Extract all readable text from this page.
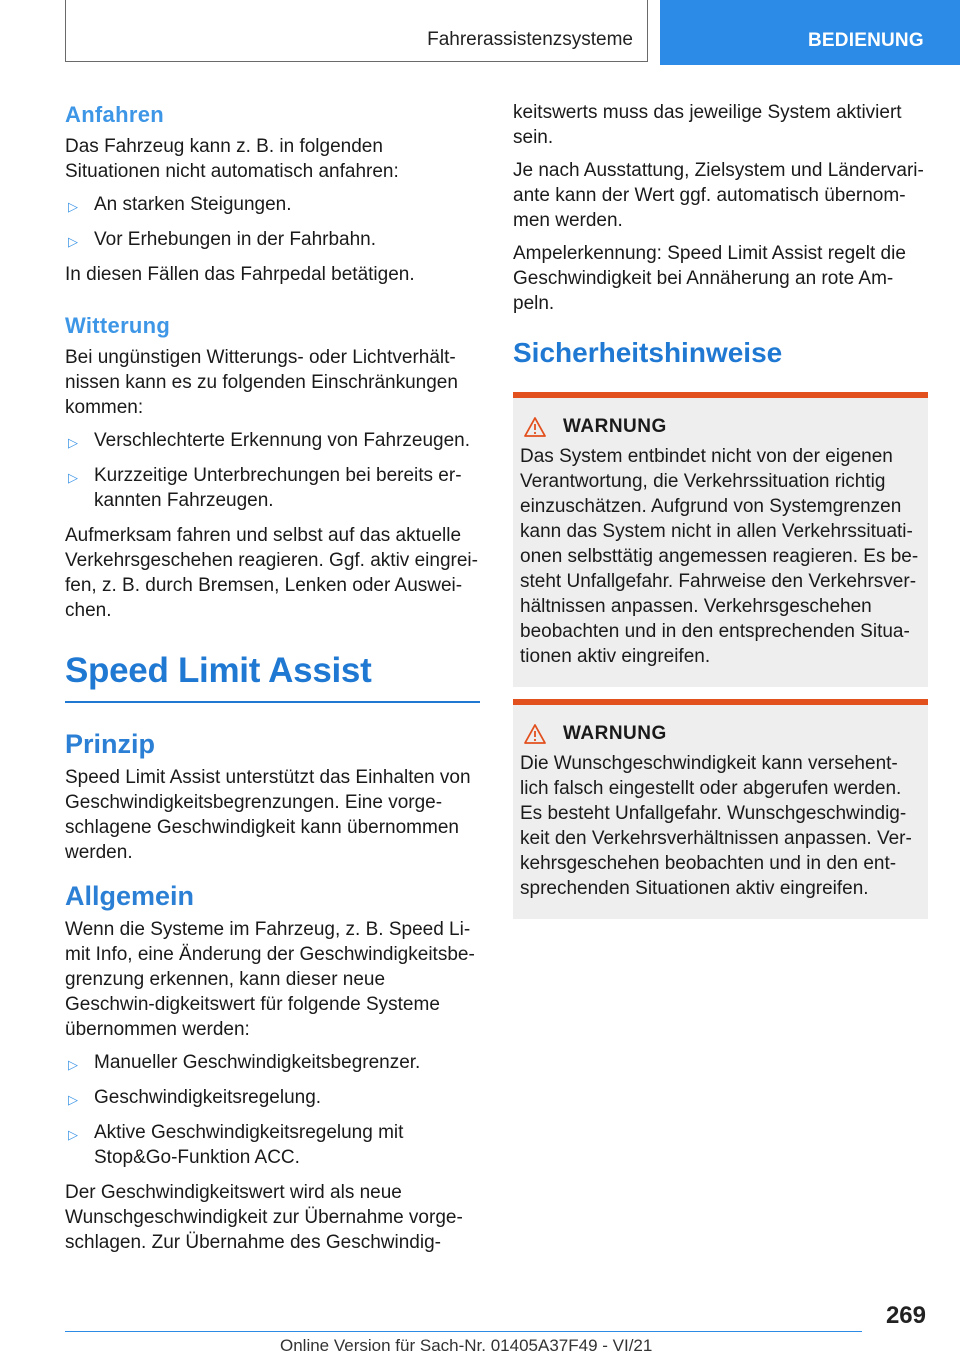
Fahrerassistenzsysteme	BEDIENUNG
Anfahren

Das Fahrzeug kann z. B. in folgenden Situationen nicht automatisch anfahren:

▷ An starken Steigungen.
▷ Vor Erhebungen in der Fahrbahn.

In diesen Fällen das Fahrpedal betätigen.

Witterung

Bei ungünstigen Witterungs- oder Lichtverhält-nissen kann es zu folgenden Einschränkungen kommen:

▷ Verschlechterte Erkennung von Fahrzeugen.
▷ Kurzzeitige Unterbrechungen bei bereits er-kannten Fahrzeugen.

Aufmerksam fahren und selbst auf das aktuelle Verkehrsgeschehen reagieren. Ggf. aktiv eingrei-fen, z. B. durch Bremsen, Lenken oder Auswei-chen.

Speed Limit Assist
Prinzip

Speed Limit Assist unterstützt das Einhalten von Geschwindigkeitsbegrenzungen. Eine vorge-schlagene Geschwindigkeit kann übernommen werden.

Allgemein

Wenn die Systeme im Fahrzeug, z. B. Speed Li-mit Info, eine Änderung der Geschwindigkeitsbe-grenzung erkennen, kann dieser neue Geschwin-digkeitswert für folgende Systeme übernommen werden:

▷ Manueller Geschwindigkeitsbegrenzer.
▷ Geschwindigkeitsregelung.
▷ Aktive Geschwindigkeitsregelung mit Stop&Go-Funktion ACC.

Der Geschwindigkeitswert wird als neue Wunschgeschwindigkeit zur Übernahme vorge-schlagen. Zur Übernahme des Geschwindig-

keitswerts muss das jeweilige System aktiviert sein.

Je nach Ausstattung, Zielsystem und Ländervari-ante kann der Wert ggf. automatisch übernom-men werden.

Ampelerkennung: Speed Limit Assist regelt die Geschwindigkeit bei Annäherung an rote Am-peln.

Sicherheitshinweise
WARNUNG

Das System entbindet nicht von der eigenen Verantwortung, die Verkehrssituation richtig einzuschätzen. Aufgrund von Systemgrenzen kann das System nicht in allen Verkehrssituati-onen selbsttätig angemessen reagieren. Es be-steht Unfallgefahr. Fahrweise den Verkehrsver-hältnissen anpassen. Verkehrsgeschehen beobachten und in den entsprechenden Situa-tionen aktiv eingreifen.

WARNUNG

Die Wunschgeschwindigkeit kann versehent-lich falsch eingestellt oder abgerufen werden. Es besteht Unfallgefahr. Wunschgeschwindig-keit den Verkehrsverhältnissen anpassen. Ver-kehrsgeschehen beobachten und in den ent-sprechenden Situationen aktiv eingreifen.

269
Online Version für Sach-Nr. 01405A37F49 - VI/21
